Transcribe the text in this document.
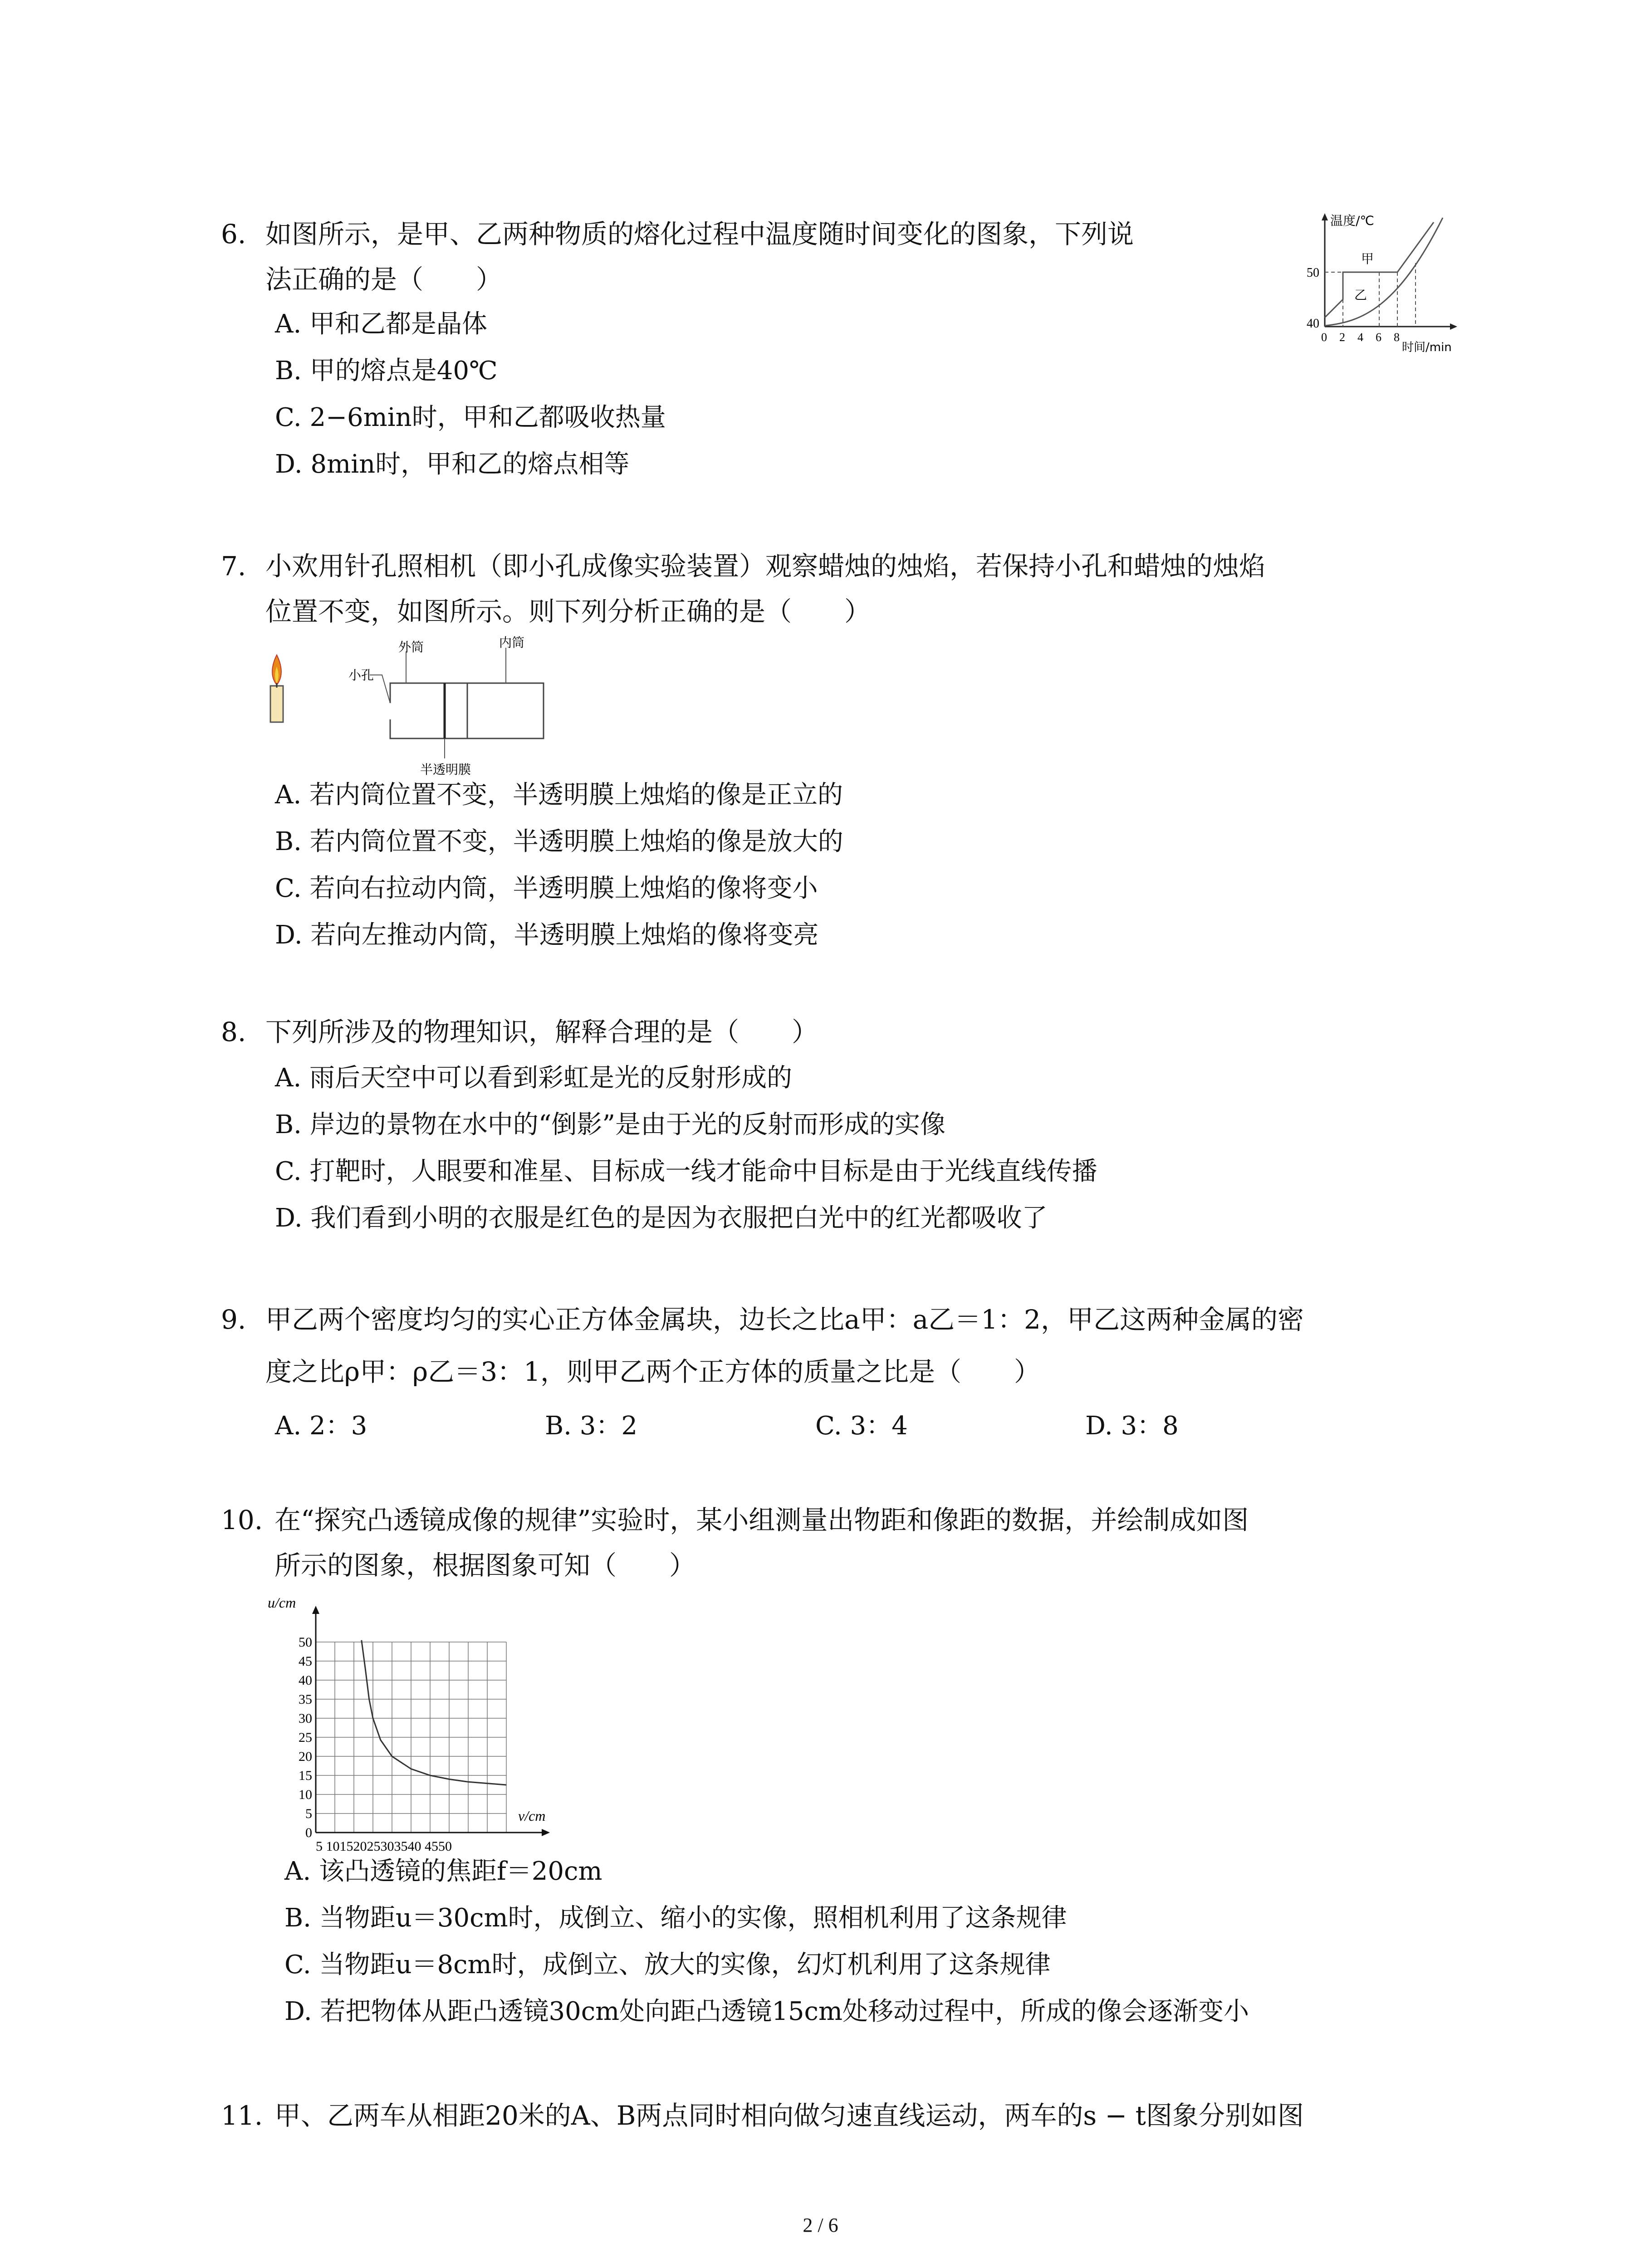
6. 如图所示，是甲、乙两种物质的熔化过程中温度随时间变化的图象，下列说
法正确的是（　　）
A. 甲和乙都是晶体
B. 甲的熔点是40℃
C. 2−6min时，甲和乙都吸收热量
D. 8min时，甲和乙的熔点相等
50
40
0 2 4 6 8
温度/℃
时间/min
甲
乙
7. 小欢用针孔照相机（即小孔成像实验装置）观察蜡烛的烛焰，若保持小孔和蜡烛的烛焰
位置不变，如图所示。则下列分析正确的是（　　）
小孔
外筒	内筒
半透明膜
A. 若内筒位置不变，半透明膜上烛焰的像是正立的
B. 若内筒位置不变，半透明膜上烛焰的像是放大的
C. 若向右拉动内筒，半透明膜上烛焰的像将变小
D. 若向左推动内筒，半透明膜上烛焰的像将变亮
8. 下列所涉及的物理知识，解释合理的是（　　）
A. 雨后天空中可以看到彩虹是光的反射形成的
B. 岸边的景物在水中的“倒影”是由于光的反射而形成的实像
C. 打靶时，人眼要和准星、目标成一线才能命中目标是由于光线直线传播
D. 我们看到小明的衣服是红色的是因为衣服把白光中的红光都吸收了
9. 甲乙两个密度均匀的实心正方体金属块，边长之比a甲：a乙＝1：2，甲乙这两种金属的密
度之比ρ甲：ρ乙＝3：1，则甲乙两个正方体的质量之比是（　　）
A. 2：3	B. 3：2	C. 3：4	D. 3：8
10. 在“探究凸透镜成像的规律”实验时，某小组测量出物距和像距的数据，并绘制成如图
所示的图象，根据图象可知（　　）
0
5
10
15
20
25
30
35
40
45
50
5 10152025303540 4550
u/cm
v/cm
A. 该凸透镜的焦距f＝20cm
B. 当物距u＝30cm时，成倒立、缩小的实像，照相机利用了这条规律
C. 当物距u＝8cm时，成倒立、放大的实像，幻灯机利用了这条规律
D. 若把物体从距凸透镜30cm处向距凸透镜15cm处移动过程中，所成的像会逐渐变小
11. 甲、乙两车从相距20米的A、B两点同时相向做匀速直线运动，两车的s − t图象分别如图
2 / 6
